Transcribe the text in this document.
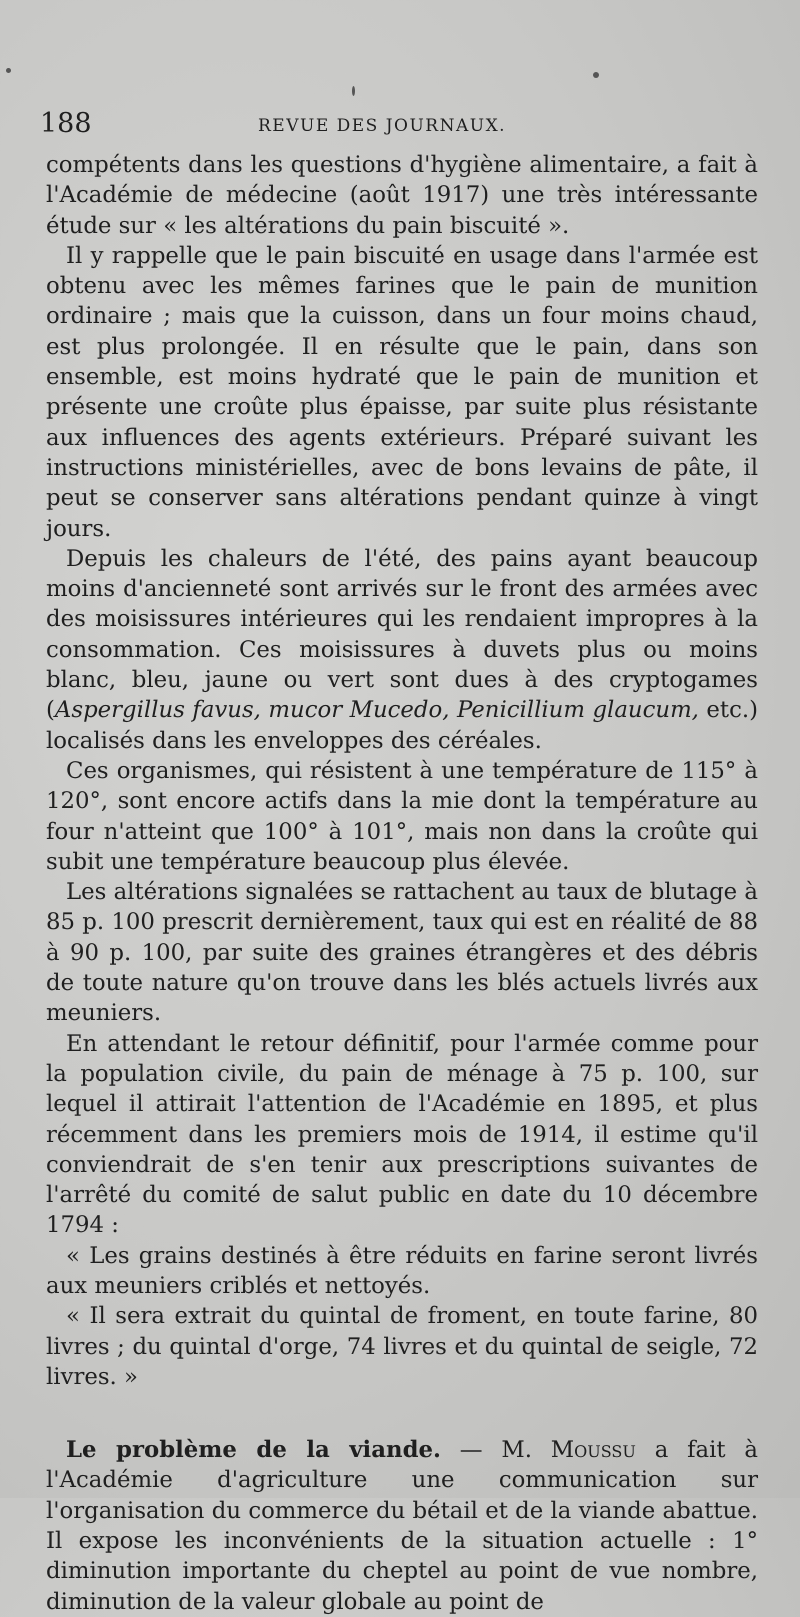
188	REVUE DES JOURNAUX.

compétents dans les questions d'hygiène alimentaire, a fait à l'Académie de médecine (août 1917) une très intéressante étude sur « les altérations du pain biscuité ».

Il y rappelle que le pain biscuité en usage dans l'armée est obtenu avec les mêmes farines que le pain de munition ordinaire ; mais que la cuisson, dans un four moins chaud, est plus prolongée. Il en résulte que le pain, dans son ensemble, est moins hydraté que le pain de munition et présente une croûte plus épaisse, par suite plus résistante aux influences des agents extérieurs. Préparé suivant les instructions ministérielles, avec de bons levains de pâte, il peut se conserver sans altérations pendant quinze à vingt jours.

Depuis les chaleurs de l'été, des pains ayant beaucoup moins d'ancienneté sont arrivés sur le front des armées avec des moisissures intérieures qui les rendaient impropres à la consommation. Ces moisissures à duvets plus ou moins blanc, bleu, jaune ou vert sont dues à des cryptogames (Aspergillus favus, mucor Mucedo, Penicillium glaucum, etc.) localisés dans les enveloppes des céréales.

Ces organismes, qui résistent à une température de 115° à 120°, sont encore actifs dans la mie dont la température au four n'atteint que 100° à 101°, mais non dans la croûte qui subit une température beaucoup plus élevée.

Les altérations signalées se rattachent au taux de blutage à 85 p. 100 prescrit dernièrement, taux qui est en réalité de 88 à 90 p. 100, par suite des graines étrangères et des débris de toute nature qu'on trouve dans les blés actuels livrés aux meuniers.

En attendant le retour définitif, pour l'armée comme pour la population civile, du pain de ménage à 75 p. 100, sur lequel il attirait l'attention de l'Académie en 1895, et plus récemment dans les premiers mois de 1914, il estime qu'il conviendrait de s'en tenir aux prescriptions suivantes de l'arrêté du comité de salut public en date du 10 décembre 1794 :

« Les grains destinés à être réduits en farine seront livrés aux meuniers criblés et nettoyés.

« Il sera extrait du quintal de froment, en toute farine, 80 livres ; du quintal d'orge, 74 livres et du quintal de seigle, 72 livres. »

Le problème de la viande. — M. Moussu a fait à l'Académie d'agriculture une communication sur l'organisation du commerce du bétail et de la viande abattue. Il expose les inconvénients de la situation actuelle : 1° diminution importante du cheptel au point de vue nombre, diminution de la valeur globale au point de
